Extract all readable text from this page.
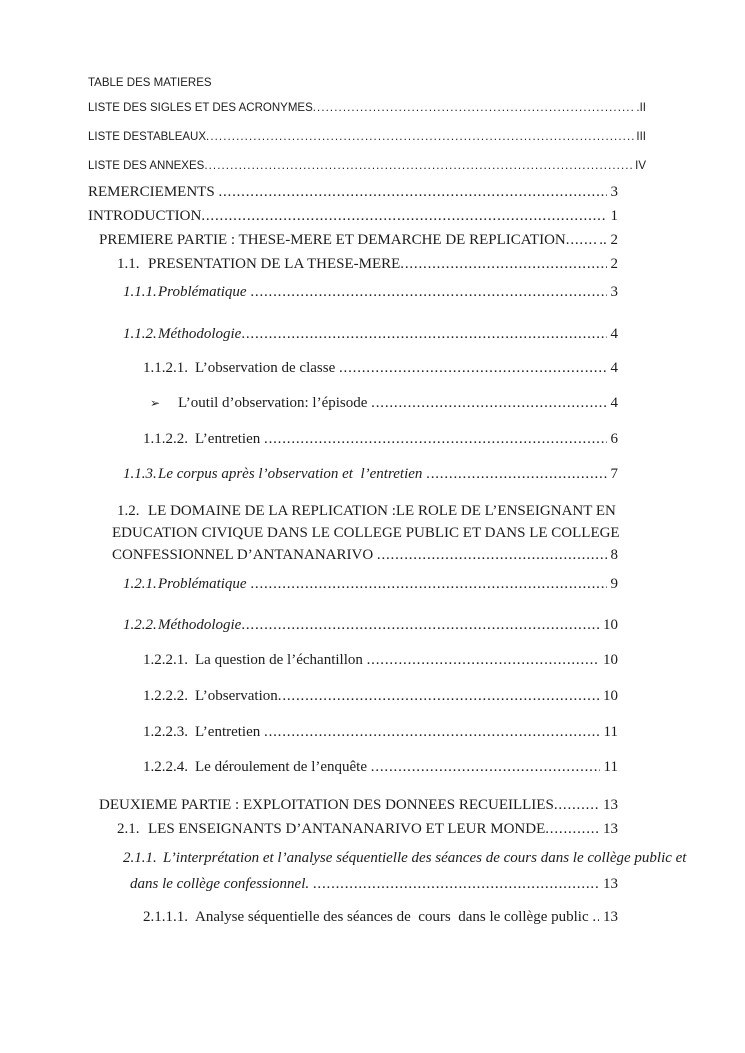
TABLE DES MATIERES
LISTE DES SIGLES ET DES ACRONYMES .....	.II
LISTE DESTABLEAUX .....	III
LISTE DES ANNEXES .....	IV
REMERCIEMENTS .....	3
INTRODUCTION .....	1
PREMIERE PARTIE : THESE-MERE ET DEMARCHE DE REPLICATION ..... .. 2
1.1. PRESENTATION DE LA THESE-MERE .....	2
1.1.1. Problématique .....	3
1.1.2. Méthodologie .....	4
1.1.2.1. L’observation de classe .....	4
➢	L’outil d’observation: l’épisode .....	4
1.1.2.2. L’entretien .....	6
1.1.3. Le corpus après l’observation et  l’entretien .....	7
1.2. LE DOMAINE DE LA REPLICATION :LE ROLE DE L’ENSEIGNANT EN
EDUCATION CIVIQUE DANS LE COLLEGE PUBLIC ET DANS LE COLLEGE
CONFESSIONNEL D’ANTANANARIVO .....	8
1.2.1. Problématique .....	9
1.2.2. Méthodologie .....	10
1.2.2.1. La question de l’échantillon .....	10
1.2.2.2. L’observation .....	10
1.2.2.3. L’entretien .....	11
1.2.2.4. Le déroulement de l’enquête .....	11
DEUXIEME PARTIE : EXPLOITATION DES DONNEES RECUEILLIES .....	13
2.1. LES ENSEIGNANTS D’ANTANANARIVO ET LEUR MONDE .....	13
2.1.1. L’interprétation et l’analyse séquentielle des séances de cours dans le collège public et
dans le collège confessionnel. .....	13
2.1.1.1. Analyse séquentielle des séances de  cours  dans le collège public ..... 13
